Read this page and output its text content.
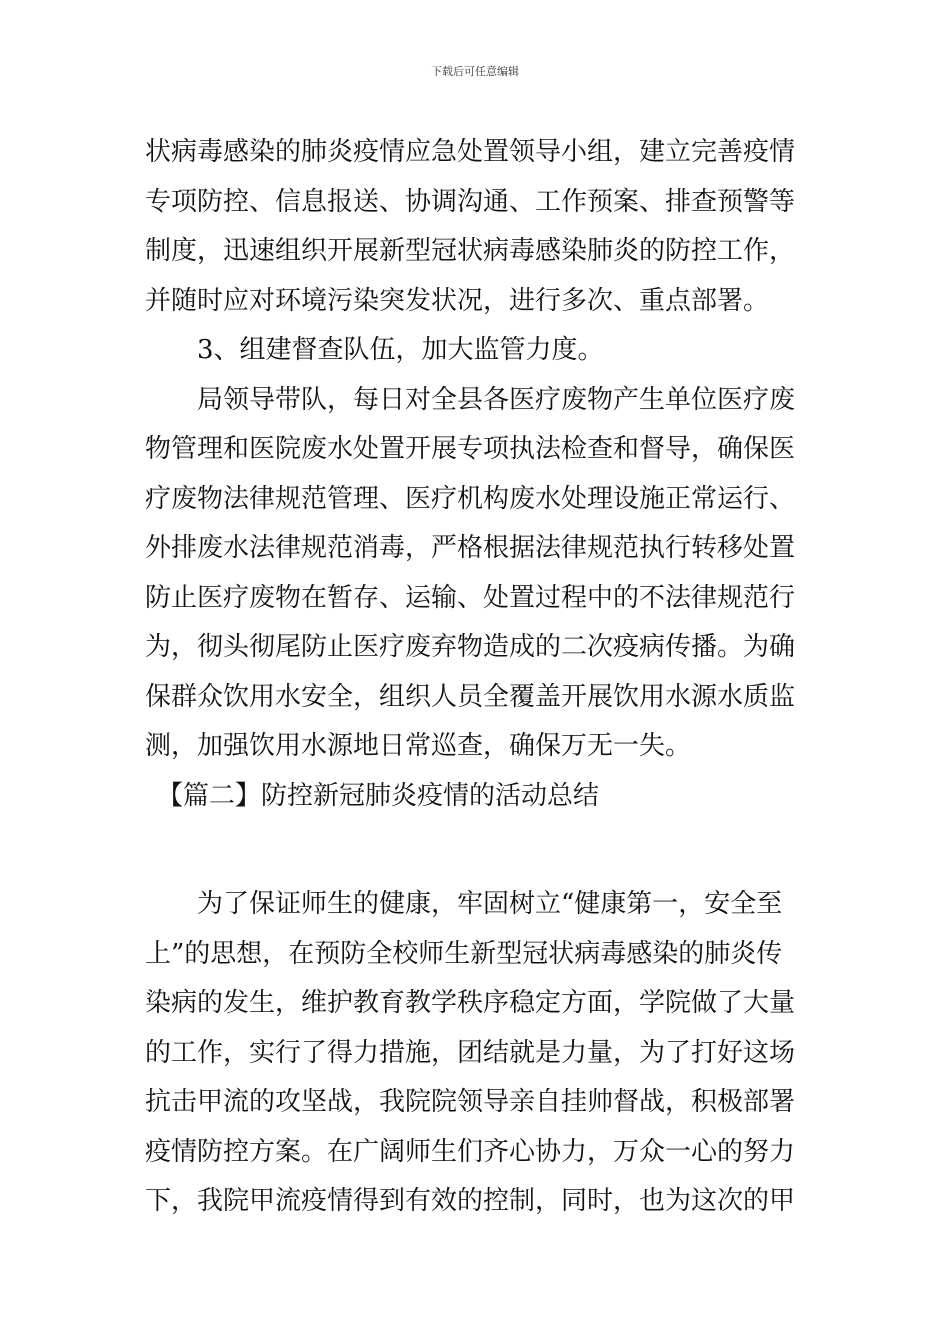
下载后可任意编辑
状病毒感染的肺炎疫情应急处置领导小组，建立完善疫情
专项防控、信息报送、协调沟通、工作预案、排查预警等
制度，迅速组织开展新型冠状病毒感染肺炎的防控工作，
并随时应对环境污染突发状况，进行多次、重点部署。
3、组建督查队伍，加大监管力度。
局领导带队，每日对全县各医疗废物产生单位医疗废
物管理和医院废水处置开展专项执法检查和督导，确保医
疗废物法律规范管理、医疗机构废水处理设施正常运行、
外排废水法律规范消毒，严格根据法律规范执行转移处置
防止医疗废物在暂存、运输、处置过程中的不法律规范行
为，彻头彻尾防止医疗废弃物造成的二次疫病传播。为确
保群众饮用水安全，组织人员全覆盖开展饮用水源水质监
测，加强饮用水源地日常巡查，确保万无一失。
【篇二】防控新冠肺炎疫情的活动总结
为了保证师生的健康，牢固树立“健康第一，安全至
上”的思想，在预防全校师生新型冠状病毒感染的肺炎传
染病的发生，维护教育教学秩序稳定方面，学院做了大量
的工作，实行了得力措施，团结就是力量，为了打好这场
抗击甲流的攻坚战，我院院领导亲自挂帅督战，积极部署
疫情防控方案。在广阔师生们齐心协力，万众一心的努力
下，我院甲流疫情得到有效的控制，同时，也为这次的甲
